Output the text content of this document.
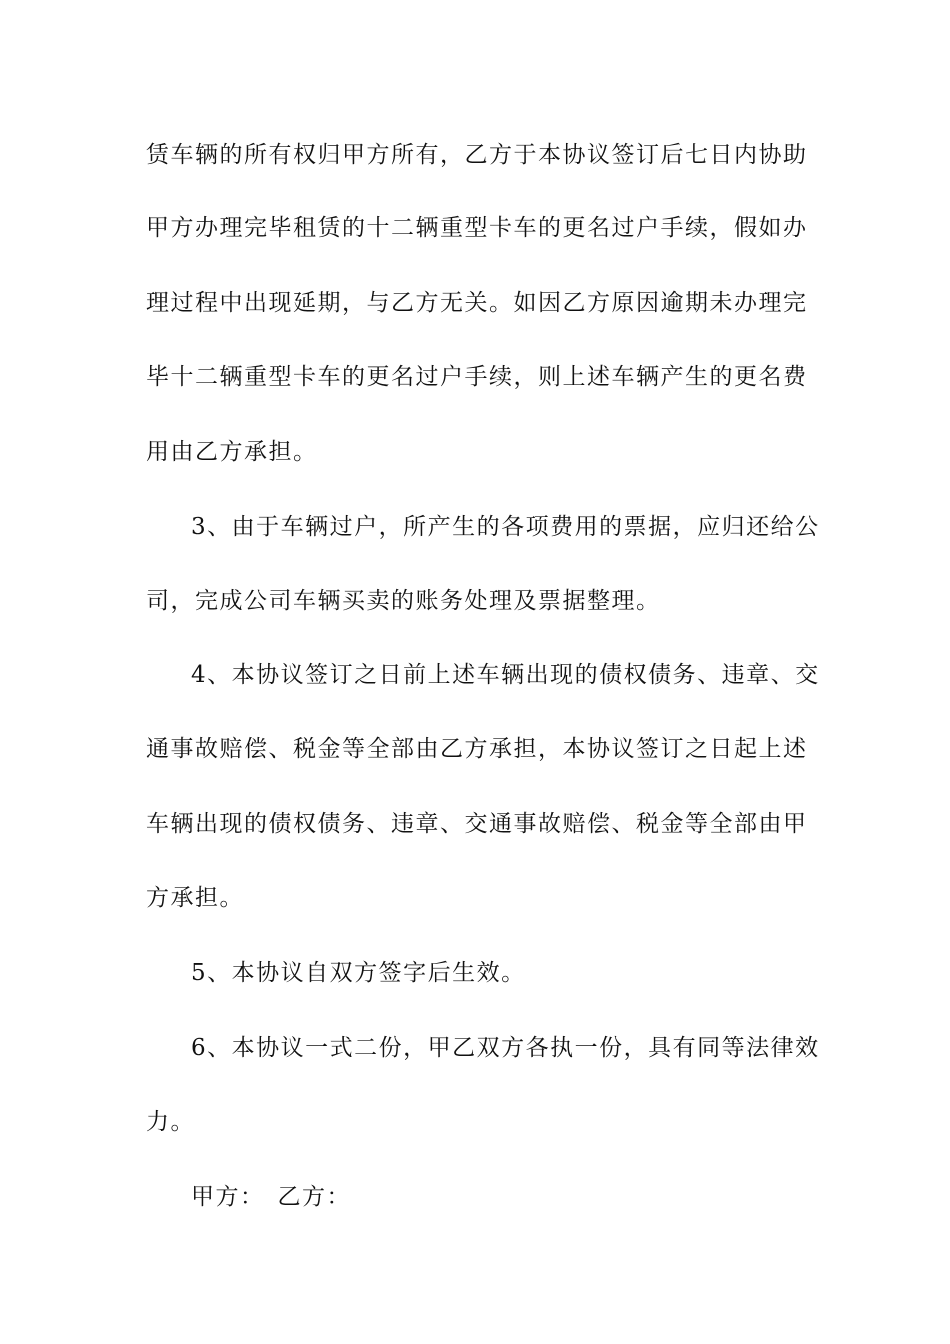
赁车辆的所有权归甲方所有，乙方于本协议签订后七日内协助
甲方办理完毕租赁的十二辆重型卡车的更名过户手续，假如办
理过程中出现延期，与乙方无关。如因乙方原因逾期未办理完
毕十二辆重型卡车的更名过户手续，则上述车辆产生的更名费
用由乙方承担。
3、由于车辆过户，所产生的各项费用的票据，应归还给公
司，完成公司车辆买卖的账务处理及票据整理。
4、本协议签订之日前上述车辆出现的债权债务、违章、交
通事故赔偿、税金等全部由乙方承担，本协议签订之日起上述
车辆出现的债权债务、违章、交通事故赔偿、税金等全部由甲
方承担。
5、本协议自双方签字后生效。
6、本协议一式二份，甲乙双方各执一份，具有同等法律效
力。
甲方：　乙方：
